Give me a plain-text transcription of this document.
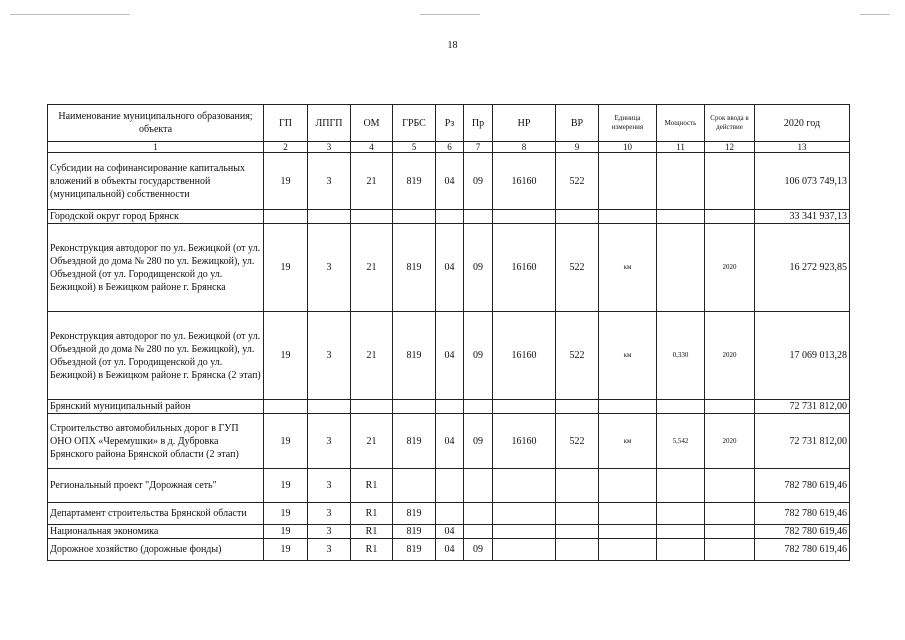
18
Наименование муниципального образования; объекта	ГП	ЛПГП	ОМ	ГРБС	Рз	Пр	НР	ВР	Единица измерения	Мощность	Срок ввода в действие	2020 год
1	2	3	4	5	6	7	8	9	10	11	12	13
Субсидии на софинансирование капитальных вложений в объекты государственной (муниципальной) собственности	19	3	21	819	04	09	16160	522				106 073 749,13
Городской округ город Брянск												33 341 937,13
Реконструкция автодорог по ул. Бежицкой (от ул. Объездной до дома № 280 по ул. Бежицкой), ул. Объездной (от ул. Городищенской до ул. Бежицкой) в Бежицком районе г. Брянска	19	3	21	819	04	09	16160	522	км		2020	16 272 923,85
Реконструкция автодорог по ул. Бежицкой (от ул. Объездной до дома № 280 по ул. Бежицкой), ул. Объездной (от ул. Городищенской до ул. Бежицкой) в Бежицком районе г. Брянска (2 этап)	19	3	21	819	04	09	16160	522	км	0,330	2020	17 069 013,28
Брянский муниципальный район												72 731 812,00
Строительство автомобильных дорог в ГУП ОНО ОПХ «Черемушки» в д. Дубровка Брянского района Брянской области (2 этап)	19	3	21	819	04	09	16160	522	км	5,542	2020	72 731 812,00
Региональный проект "Дорожная сеть"	19	3	R1									782 780 619,46
Департамент строительства Брянской области	19	3	R1	819								782 780 619,46
Национальная экономика	19	3	R1	819	04							782 780 619,46
Дорожное хозяйство (дорожные фонды)	19	3	R1	819	04	09						782 780 619,46
